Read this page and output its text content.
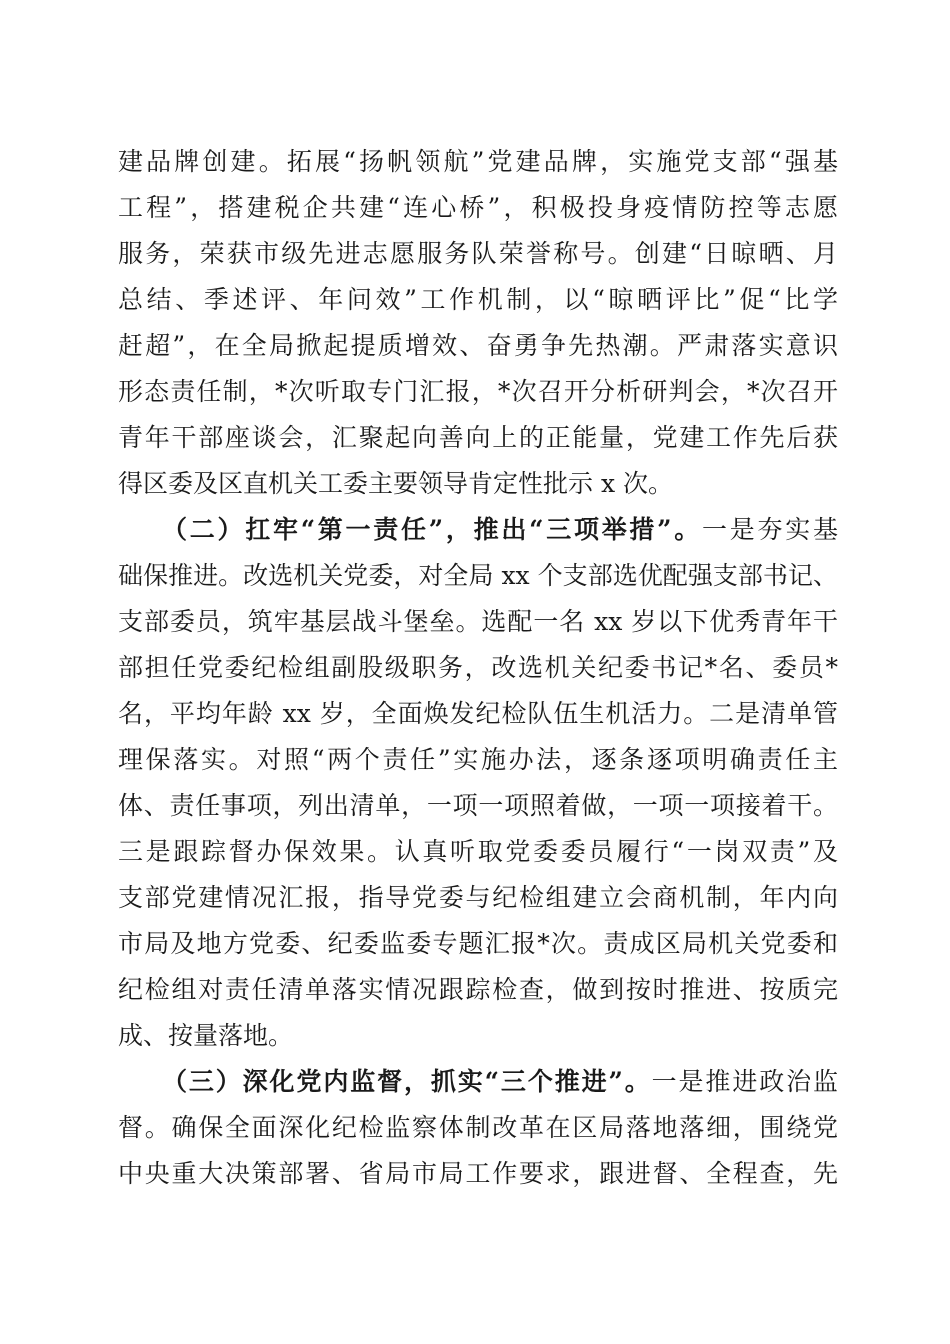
建品牌创建。拓展“扬帆领航”党建品牌，实施党支部“强基
工程”，搭建税企共建“连心桥”，积极投身疫情防控等志愿
服务，荣获市级先进志愿服务队荣誉称号。创建“日晾晒、月
总结、季述评、年问效”工作机制，以“晾晒评比”促“比学
赶超”，在全局掀起提质增效、奋勇争先热潮。严肃落实意识
形态责任制，*次听取专门汇报，*次召开分析研判会，*次召开
青年干部座谈会，汇聚起向善向上的正能量，党建工作先后获
得区委及区直机关工委主要领导肯定性批示 x 次。
（二）扛牢“第一责任”，推出“三项举措”。一是夯实基
础保推进。改选机关党委，对全局 xx 个支部选优配强支部书记、
支部委员，筑牢基层战斗堡垒。选配一名 xx 岁以下优秀青年干
部担任党委纪检组副股级职务，改选机关纪委书记*名、委员*
名，平均年龄 xx 岁，全面焕发纪检队伍生机活力。二是清单管
理保落实。对照“两个责任”实施办法，逐条逐项明确责任主
体、责任事项，列出清单，一项一项照着做，一项一项接着干。
三是跟踪督办保效果。认真听取党委委员履行“一岗双责”及
支部党建情况汇报，指导党委与纪检组建立会商机制，年内向
市局及地方党委、纪委监委专题汇报*次。责成区局机关党委和
纪检组对责任清单落实情况跟踪检查，做到按时推进、按质完
成、按量落地。
（三）深化党内监督，抓实“三个推进”。一是推进政治监
督。确保全面深化纪检监察体制改革在区局落地落细，围绕党
中央重大决策部署、省局市局工作要求，跟进督、全程查，先
